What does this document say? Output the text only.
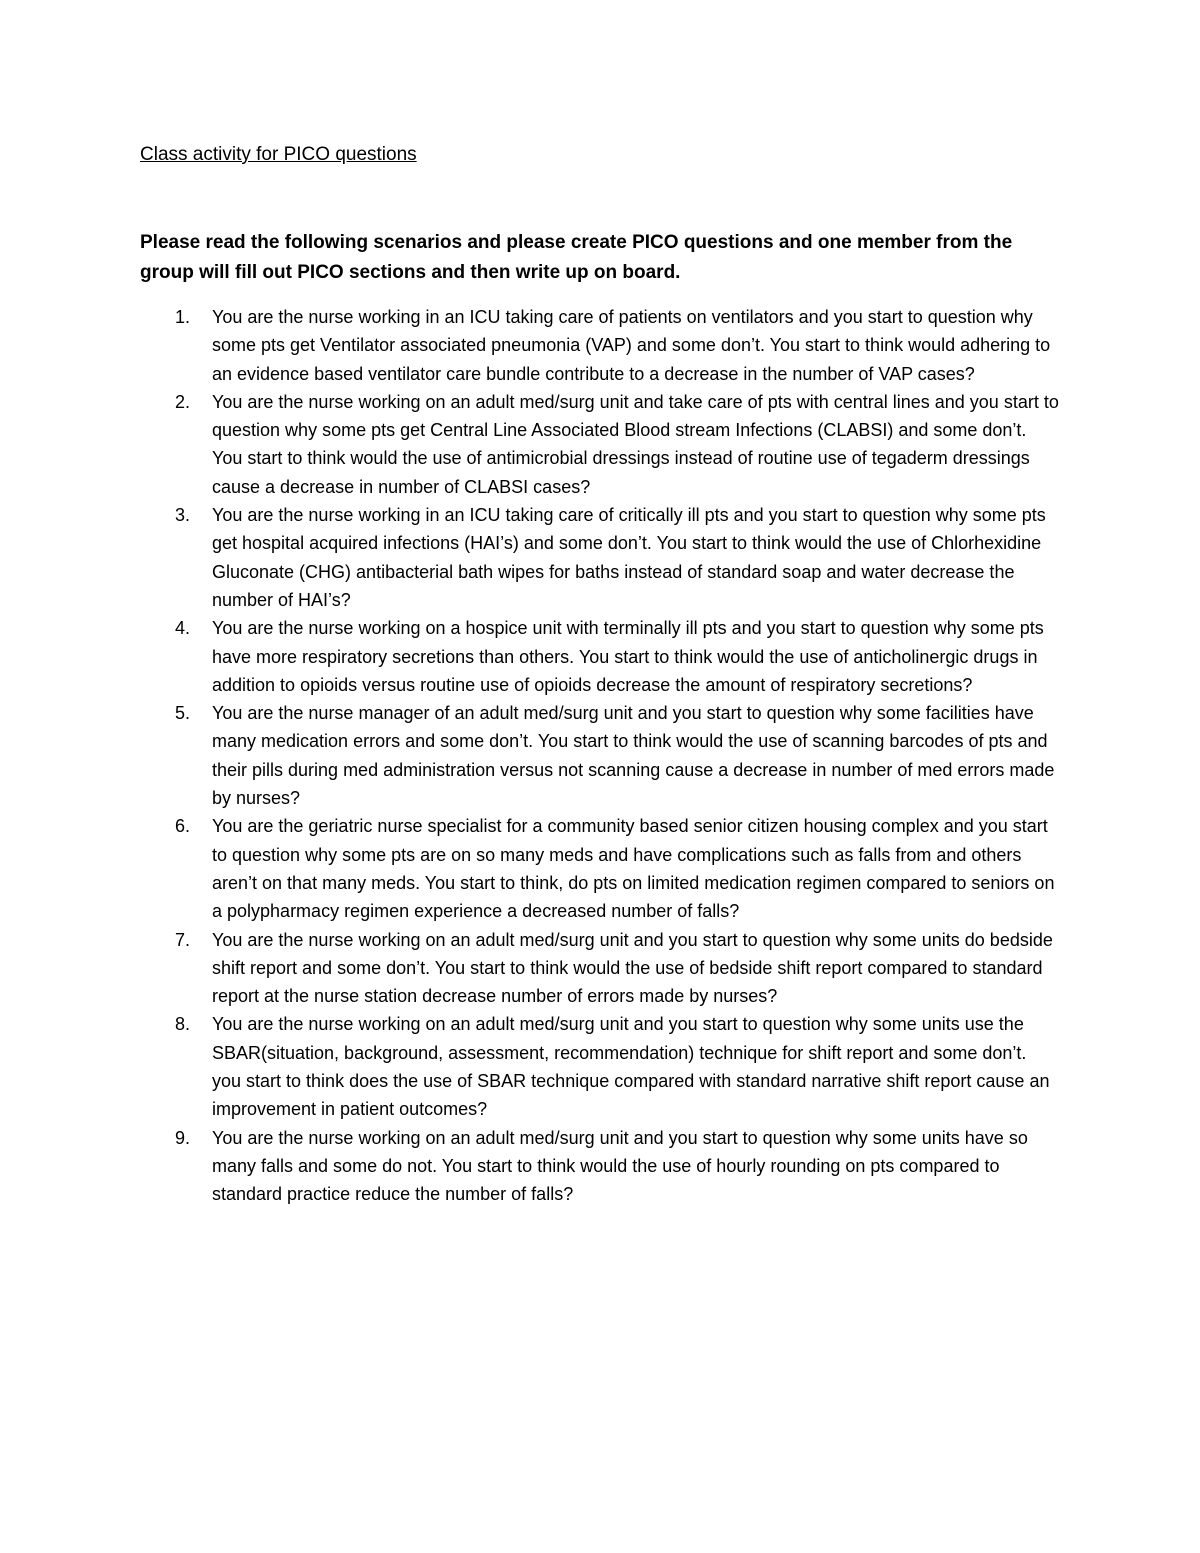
Class activity for PICO questions

Please read the following scenarios and please create PICO questions and one member from the group will fill out PICO sections and then write up on board.

1. You are the nurse working in an ICU taking care of patients on ventilators and you start to question why some pts get Ventilator associated pneumonia (VAP) and some don’t. You start to think would adhering to an evidence based ventilator care bundle contribute to a decrease in the number of VAP cases?
2. You are the nurse working on an adult med/surg unit and take care of pts with central lines and you start to question why some pts get Central Line Associated Blood stream Infections (CLABSI) and some don’t. You start to think would the use of antimicrobial dressings instead of routine use of tegaderm dressings cause a decrease in number of CLABSI cases?
3. You are the nurse working in an ICU taking care of critically ill pts and you start to question why some pts get hospital acquired infections (HAI’s) and some don’t. You start to think would the use of Chlorhexidine Gluconate (CHG) antibacterial bath wipes for baths instead of standard soap and water decrease the number of HAI’s?
4. You are the nurse working on a hospice unit with terminally ill pts and you start to question why some pts have more respiratory secretions than others. You start to think would the use of anticholinergic drugs in addition to opioids versus routine use of opioids decrease the amount of respiratory secretions?
5. You are the nurse manager of an adult med/surg unit and you start to question why some facilities have many medication errors and some don’t. You start to think would the use of scanning barcodes of pts and their pills during med administration versus not scanning cause a decrease in number of med errors made by nurses?
6. You are the geriatric nurse specialist for a community based senior citizen housing complex and you start to question why some pts are on so many meds and have complications such as falls from and others aren’t on that many meds. You start to think, do pts on limited medication regimen compared to seniors on a polypharmacy regimen experience a decreased number of falls?
7. You are the nurse working on an adult med/surg unit and you start to question why some units do bedside shift report and some don’t. You start to think would the use of bedside shift report compared to standard report at the nurse station decrease number of errors made by nurses?
8. You are the nurse working on an adult med/surg unit and you start to question why some units use the SBAR(situation, background, assessment, recommendation) technique for shift report and some don’t. you start to think does the use of SBAR technique compared with standard narrative shift report cause an improvement in patient outcomes?
9. You are the nurse working on an adult med/surg unit and you start to question why some units have so many falls and some do not. You start to think would the use of hourly rounding on pts compared to standard practice reduce the number of falls?
